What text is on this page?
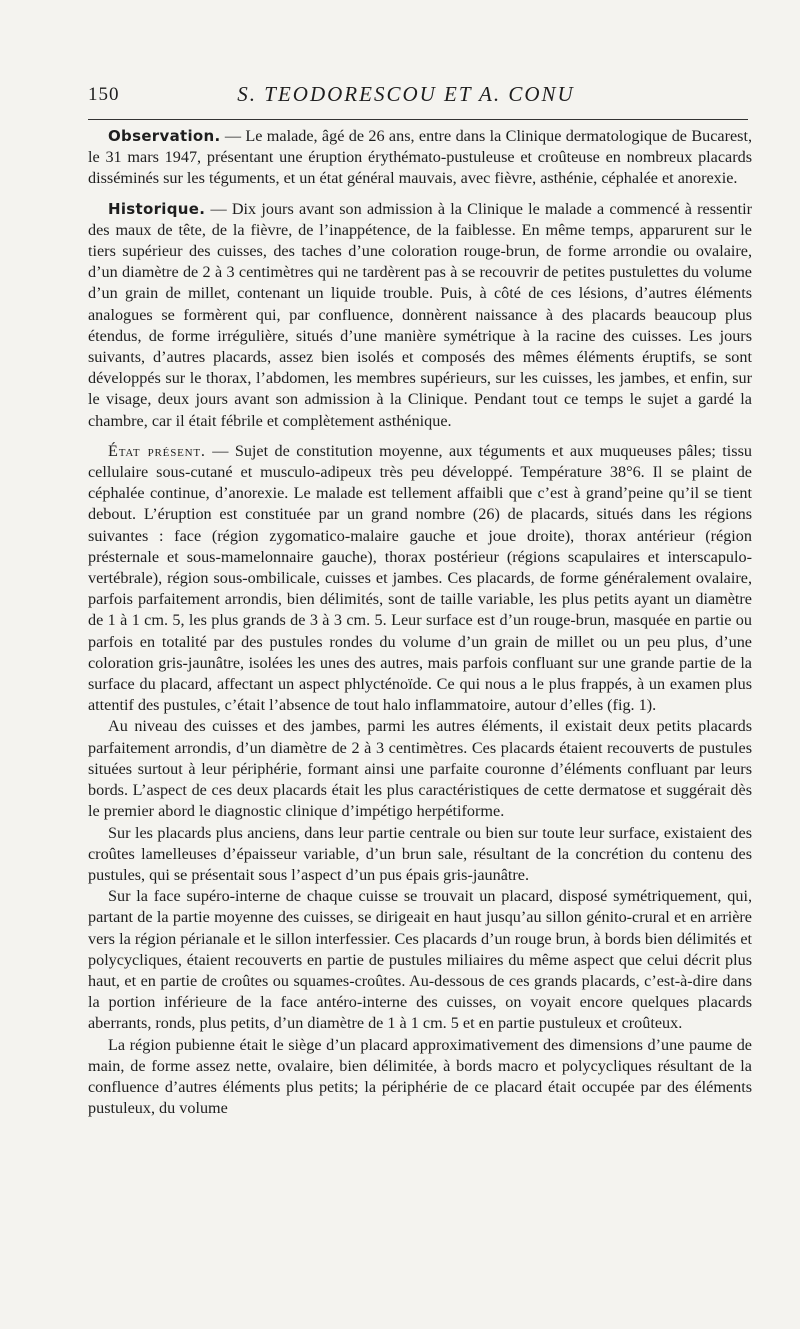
150	S. TEODORESCOU ET A. CONU

Observation. — Le malade, âgé de 26 ans, entre dans la Clinique dermatologique de Bucarest, le 31 mars 1947, présentant une éruption érythémato-pustuleuse et croûteuse en nombreux placards disséminés sur les téguments, et un état général mauvais, avec fièvre, asthénie, céphalée et anorexie.

Historique. — Dix jours avant son admission à la Clinique le malade a commencé à ressentir des maux de tête, de la fièvre, de l’inappétence, de la faiblesse. En même temps, apparurent sur le tiers supérieur des cuisses, des taches d’une coloration rouge-brun, de forme arrondie ou ovalaire, d’un diamètre de 2 à 3 centimètres qui ne tardèrent pas à se recouvrir de petites pustulettes du volume d’un grain de millet, contenant un liquide trouble. Puis, à côté de ces lésions, d’autres éléments analogues se formèrent qui, par confluence, donnèrent naissance à des placards beaucoup plus étendus, de forme irrégulière, situés d’une manière symétrique à la racine des cuisses. Les jours suivants, d’autres placards, assez bien isolés et composés des mêmes éléments éruptifs, se sont développés sur le thorax, l’abdomen, les membres supérieurs, sur les cuisses, les jambes, et enfin, sur le visage, deux jours avant son admission à la Clinique. Pendant tout ce temps le sujet a gardé la chambre, car il était fébrile et complètement asthénique.

État présent. — Sujet de constitution moyenne, aux téguments et aux muqueuses pâles; tissu cellulaire sous-cutané et musculo-adipeux très peu développé. Température 38°6. Il se plaint de céphalée continue, d’anorexie. Le malade est tellement affaibli que c’est à grand’peine qu’il se tient debout. L’éruption est constituée par un grand nombre (26) de placards, situés dans les régions suivantes : face (région zygomatico-malaire gauche et joue droite), thorax antérieur (région présternale et sous-mamelonnaire gauche), thorax postérieur (régions scapulaires et interscapulo-vertébrale), région sous-ombilicale, cuisses et jambes. Ces placards, de forme généralement ovalaire, parfois parfaitement arrondis, bien délimités, sont de taille variable, les plus petits ayant un diamètre de 1 à 1 cm. 5, les plus grands de 3 à 3 cm. 5. Leur surface est d’un rouge-brun, masquée en partie ou parfois en totalité par des pustules rondes du volume d’un grain de millet ou un peu plus, d’une coloration gris-jaunâtre, isolées les unes des autres, mais parfois confluant sur une grande partie de la surface du placard, affectant un aspect phlycténoïde. Ce qui nous a le plus frappés, à un examen plus attentif des pustules, c’était l’absence de tout halo inflammatoire, autour d’elles (fig. 1).

Au niveau des cuisses et des jambes, parmi les autres éléments, il existait deux petits placards parfaitement arrondis, d’un diamètre de 2 à 3 centimètres. Ces placards étaient recouverts de pustules situées surtout à leur périphérie, formant ainsi une parfaite couronne d’éléments confluant par leurs bords. L’aspect de ces deux placards était les plus caractéristiques de cette dermatose et suggérait dès le premier abord le diagnostic clinique d’impétigo herpétiforme.

Sur les placards plus anciens, dans leur partie centrale ou bien sur toute leur surface, existaient des croûtes lamelleuses d’épaisseur variable, d’un brun sale, résultant de la concrétion du contenu des pustules, qui se présentait sous l’aspect d’un pus épais gris-jaunâtre.

Sur la face supéro-interne de chaque cuisse se trouvait un placard, disposé symétriquement, qui, partant de la partie moyenne des cuisses, se dirigeait en haut jusqu’au sillon génito-crural et en arrière vers la région périanale et le sillon interfessier. Ces placards d’un rouge brun, à bords bien délimités et polycycliques, étaient recouverts en partie de pustules miliaires du même aspect que celui décrit plus haut, et en partie de croûtes ou squames-croûtes. Au-dessous de ces grands placards, c’est-à-dire dans la portion inférieure de la face antéro-interne des cuisses, on voyait encore quelques placards aberrants, ronds, plus petits, d’un diamètre de 1 à 1 cm. 5 et en partie pustuleux et croûteux.

La région pubienne était le siège d’un placard approximativement des dimensions d’une paume de main, de forme assez nette, ovalaire, bien délimitée, à bords macro et polycycliques résultant de la confluence d’autres éléments plus petits; la périphérie de ce placard était occupée par des éléments pustuleux, du volume
